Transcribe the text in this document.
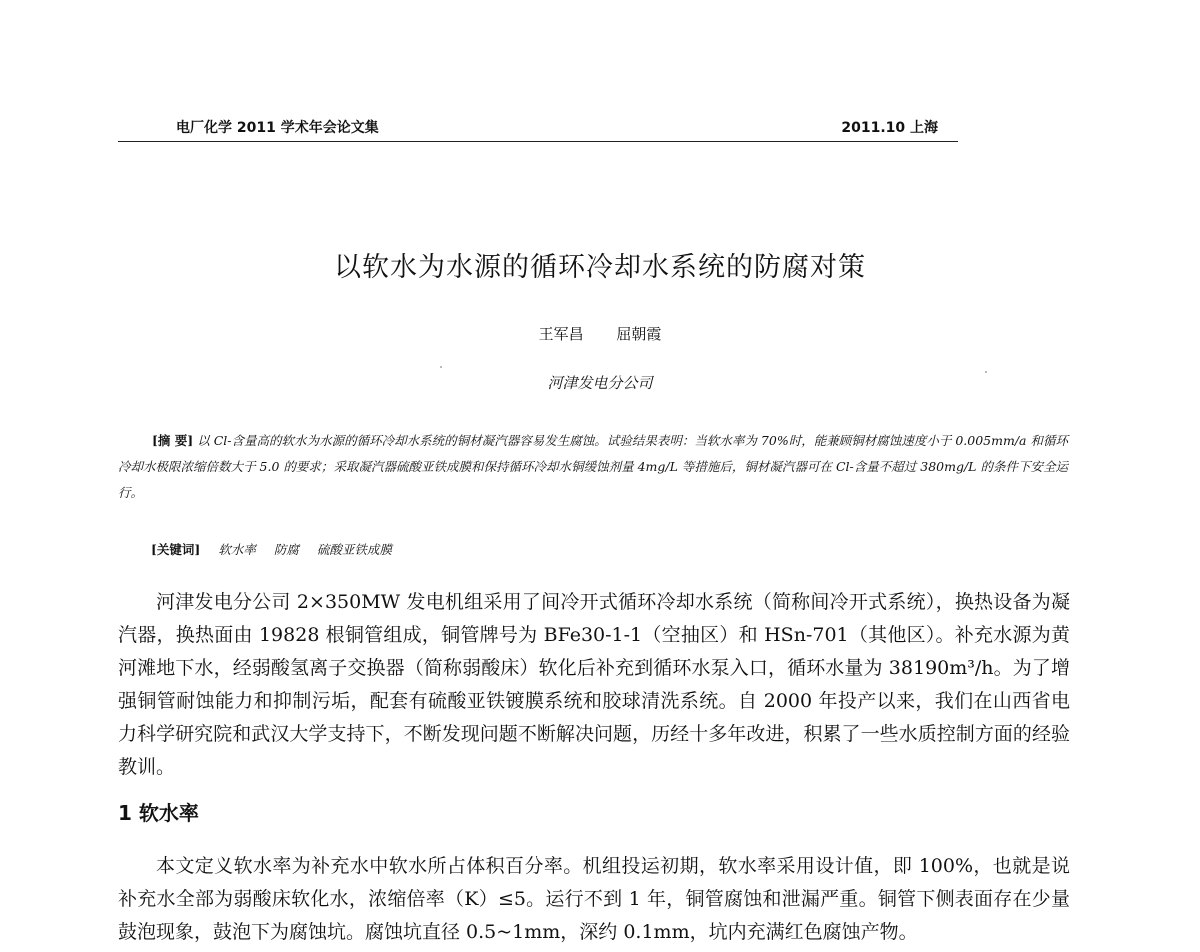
电厂化学 2011 学术年会论文集	2011.10 上海
以软水为水源的循环冷却水系统的防腐对策
王军昌 屈朝霞
河津发电分公司
[摘 要] 以 Cl-含量高的软水为水源的循环冷却水系统的铜材凝汽器容易发生腐蚀。试验结果表明：当软水率为 70%时，能兼顾铜材腐蚀速度小于 0.005mm/a 和循环冷却水极限浓缩倍数大于 5.0 的要求；采取凝汽器硫酸亚铁成膜和保持循环冷却水铜缓蚀剂量 4mg/L 等措施后，铜材凝汽器可在 Cl-含量不超过 380mg/L 的条件下安全运行。
[关键词] 软水率 防腐 硫酸亚铁成膜
河津发电分公司 2×350MW 发电机组采用了间冷开式循环冷却水系统（简称间冷开式系统），换热设备为凝汽器，换热面由 19828 根铜管组成，铜管牌号为 BFe30-1-1（空抽区）和 HSn-701（其他区）。补充水源为黄河滩地下水，经弱酸氢离子交换器（简称弱酸床）软化后补充到循环水泵入口，循环水量为 38190m³/h。为了增强铜管耐蚀能力和抑制污垢，配套有硫酸亚铁镀膜系统和胶球清洗系统。自 2000 年投产以来，我们在山西省电力科学研究院和武汉大学支持下，不断发现问题不断解决问题，历经十多年改进，积累了一些水质控制方面的经验教训。
1 软水率
本文定义软水率为补充水中软水所占体积百分率。机组投运初期，软水率采用设计值，即 100%，也就是说补充水全部为弱酸床软化水，浓缩倍率（K）≤5。运行不到 1 年，铜管腐蚀和泄漏严重。铜管下侧表面存在少量鼓泡现象，鼓泡下为腐蚀坑。腐蚀坑直径 0.5~1mm，深约 0.1mm，坑内充满红色腐蚀产物。
